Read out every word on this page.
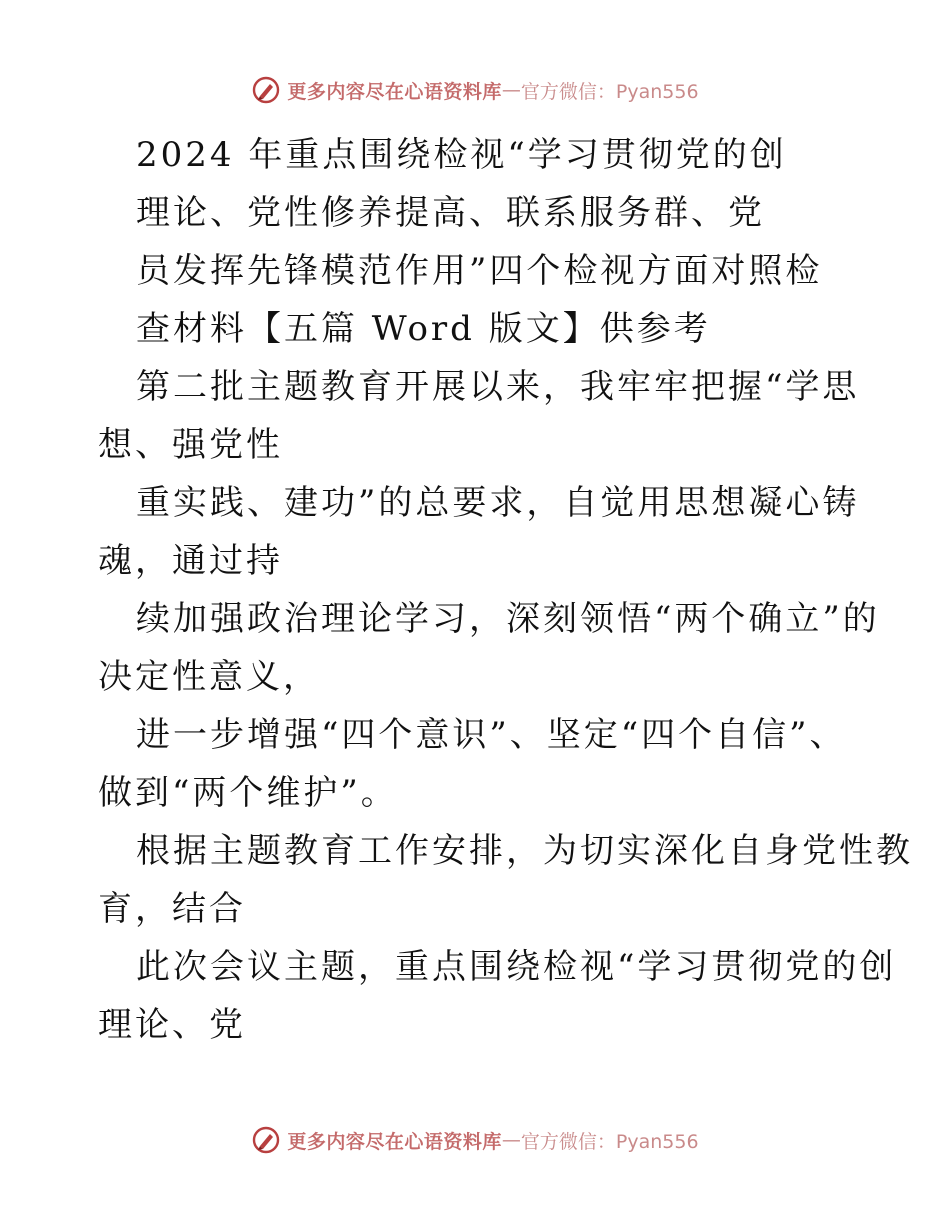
更多内容尽在心语资料库 — 官方微信：Pyan556
2024 年重点围绕检视“学习贯彻党的创
理论、党性修养提高、联系服务群、党
员发挥先锋模范作用”四个检视方面对照检
查材料【五篇 Word 版文】供参考
第二批主题教育开展以来，我牢牢把握“学思
想、强党性
重实践、建功”的总要求，自觉用思想凝心铸
魂，通过持
续加强政治理论学习，深刻领悟“两个确立”的
决定性意义，
进一步增强“四个意识”、坚定“四个自信”、
做到“两个维护”。
根据主题教育工作安排，为切实深化自身党性教
育，结合
此次会议主题，重点围绕检视“学习贯彻党的创
理论、党
更多内容尽在心语资料库 — 官方微信：Pyan556
